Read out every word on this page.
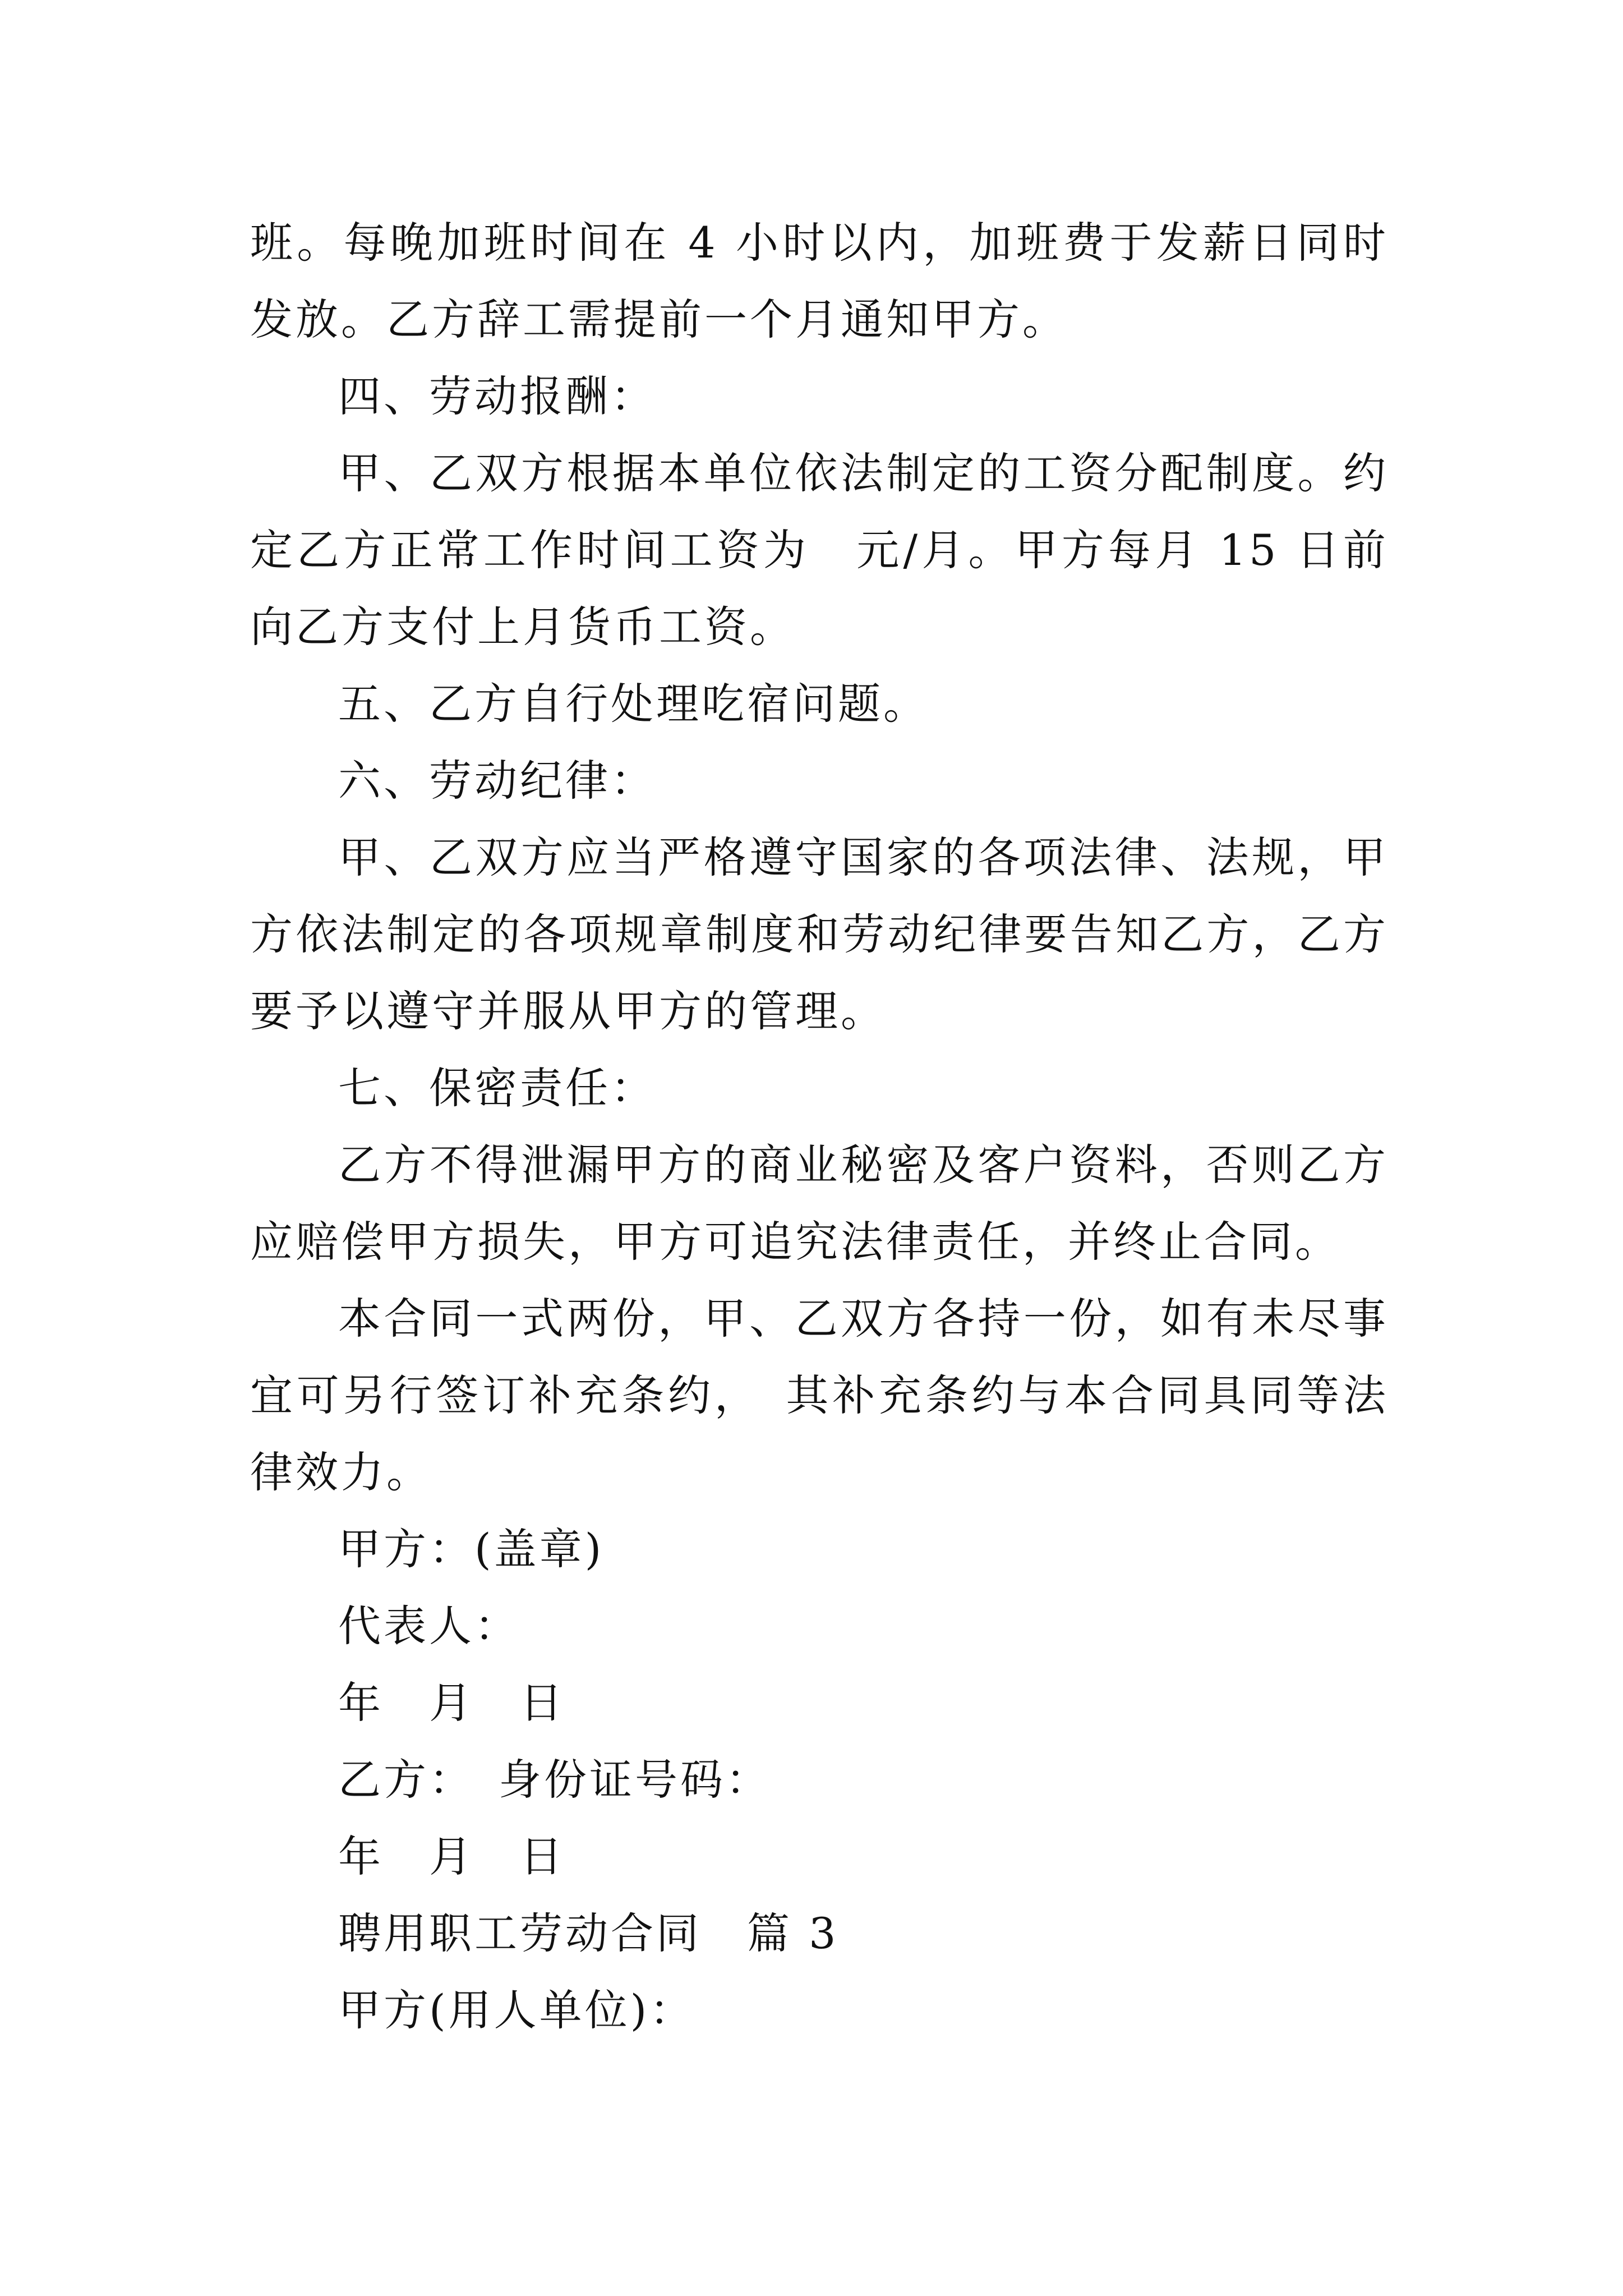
班。每晚加班时间在 4 小时以内，加班费于发薪日同时发放。乙方辞工需提前一个月通知甲方。

四、劳动报酬：

甲、乙双方根据本单位依法制定的工资分配制度。约定乙方正常工作时间工资为　元/月。甲方每月 15 日前向乙方支付上月货币工资。

五、乙方自行处理吃宿问题。

六、劳动纪律：

甲、乙双方应当严格遵守国家的各项法律、法规，甲方依法制定的各项规章制度和劳动纪律要告知乙方，乙方要予以遵守并服从甲方的管理。

七、保密责任：

乙方不得泄漏甲方的商业秘密及客户资料，否则乙方应赔偿甲方损失，甲方可追究法律责任，并终止合同。

本合同一式两份，甲、乙双方各持一份，如有未尽事宜可另行签订补充条约，　其补充条约与本合同具同等法律效力。

甲方：(盖章)

代表人：

年　月　日

乙方：　身份证号码：

年　月　日

聘用职工劳动合同　篇 3

甲方(用人单位)：
